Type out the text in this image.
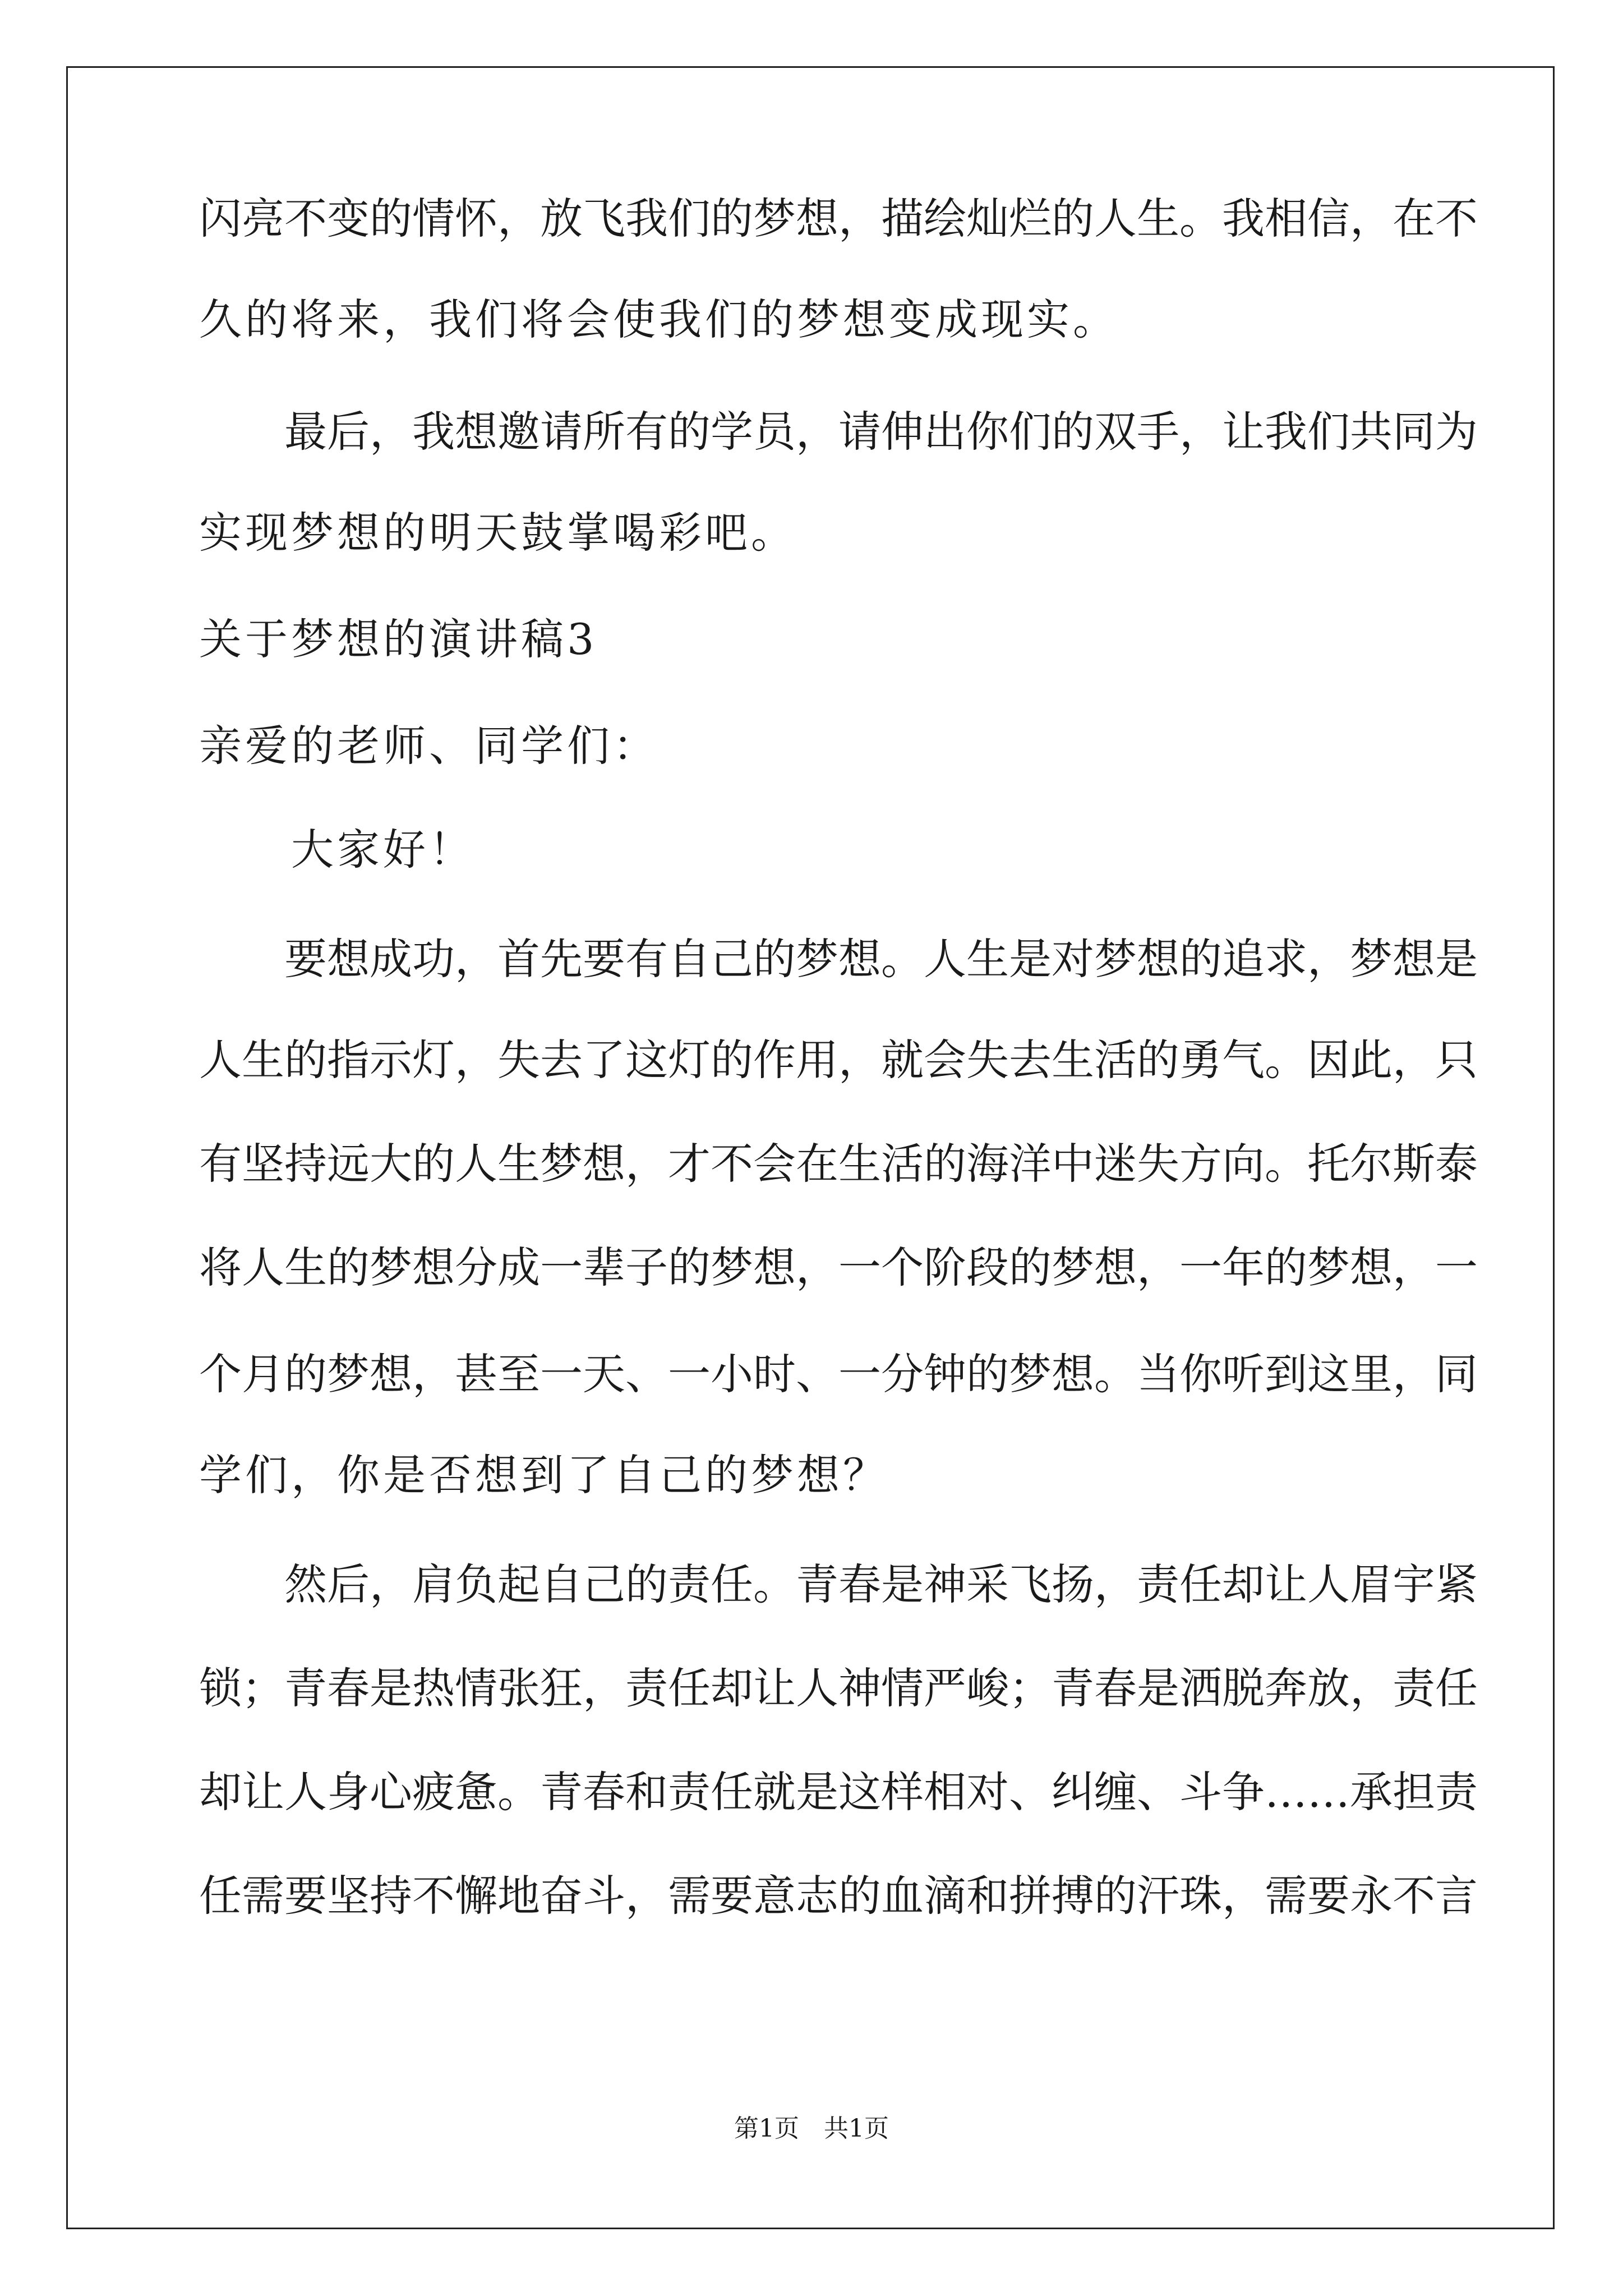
闪亮不变的情怀，放飞我们的梦想，描绘灿烂的人生。我相信，在不
久的将来，我们将会使我们的梦想变成现实。
　　最后，我想邀请所有的学员，请伸出你们的双手，让我们共同为
实现梦想的明天鼓掌喝彩吧。
关于梦想的演讲稿3
亲爱的老师、同学们：
　　大家好！
　　要想成功，首先要有自己的梦想。人生是对梦想的追求，梦想是
人生的指示灯，失去了这灯的作用，就会失去生活的勇气。因此，只
有坚持远大的人生梦想，才不会在生活的海洋中迷失方向。托尔斯泰
将人生的梦想分成一辈子的梦想，一个阶段的梦想，一年的梦想，一
个月的梦想，甚至一天、一小时、一分钟的梦想。当你听到这里，同
学们，你是否想到了自己的梦想？
　　然后，肩负起自己的责任。青春是神采飞扬，责任却让人眉宇紧
锁；青春是热情张狂，责任却让人神情严峻；青春是洒脱奔放，责任
却让人身心疲惫。青春和责任就是这样相对、纠缠、斗争……承担责
任需要坚持不懈地奋斗，需要意志的血滴和拼搏的汗珠，需要永不言
第1页　共1页
